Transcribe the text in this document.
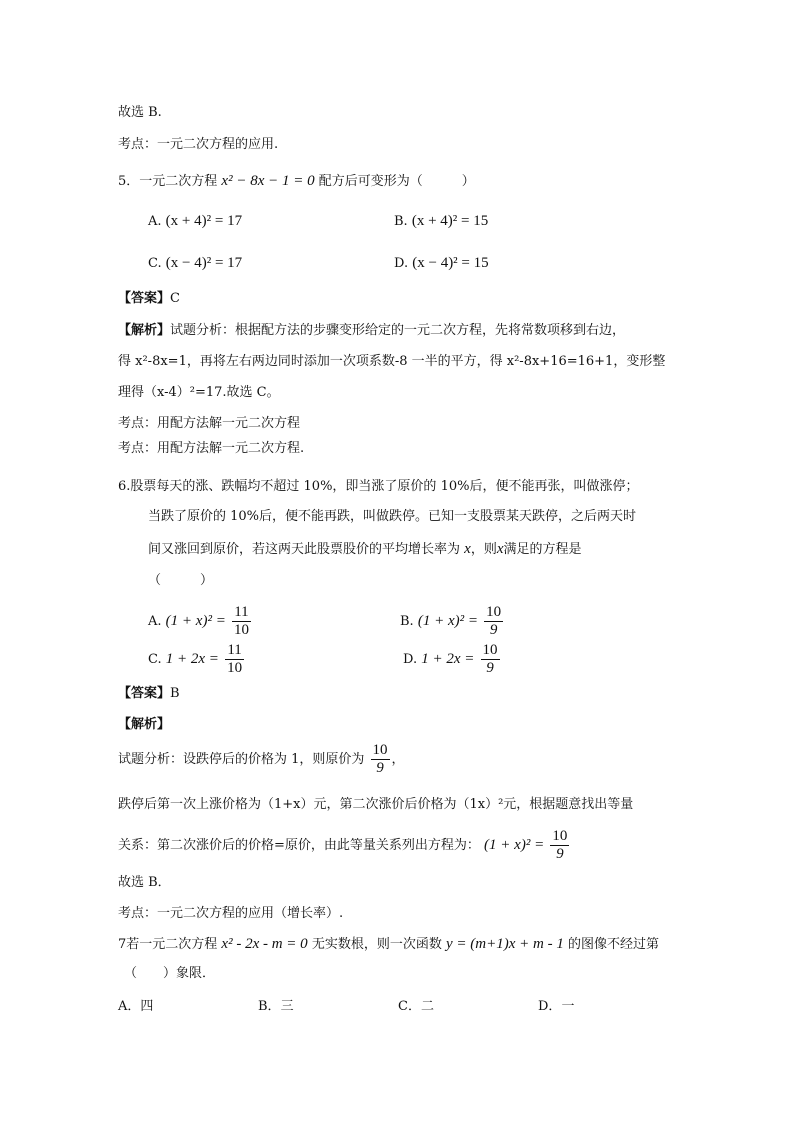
故选 B.
考点：一元二次方程的应用.
5．一元二次方程 x² − 8x − 1 = 0 配方后可变形为（　　　）
A. (x + 4)² = 17	B. (x + 4)² = 15
C. (x − 4)² = 17	D. (x − 4)² = 15
【答案】C
【解析】试题分析：根据配方法的步骤变形给定的一元二次方程，先将常数项移到右边，
得 x²-8x=1，再将左右两边同时添加一次项系数-8 一半的平方，得 x²-8x+16=16+1，变形整
理得（x-4）²=17.故选 C。
考点：用配方法解一元二次方程
考点：用配方法解一元二次方程.
6.股票每天的涨、跌幅均不超过 10%，即当涨了原价的 10%后，便不能再张，叫做涨停；
当跌了原价的 10%后，便不能再跌，叫做跌停。已知一支股票某天跌停，之后两天时
间又涨回到原价，若这两天此股票股价的平均增长率为 x，则x满足的方程是
（　　　）
A. $(1 + x)^2 = \frac{11}{10}$	B. $(1 + x)^2 = \frac{10}{9}$
C. $1 + 2x = \frac{11}{10}$	D. $1 + 2x = \frac{10}{9}$
【答案】B
【解析】
试题分析：设跌停后的价格为 1，则原价为 $\frac{10}{9}$ ，
跌停后第一次上涨价格为（1+x）元，第二次涨价后价格为（1x）²元，根据题意找出等量
关系：第二次涨价后的价格=原价，由此等量关系列出方程为： $(1 + x)^2 = \frac{10}{9}$
故选 B．
考点：一元二次方程的应用（增长率）.
7若一元二次方程 x² - 2x - m = 0 无实数根，则一次函数 y = (m+1)x + m - 1 的图像不经过第
（　　）象限．
A．四	B．三	C．二	D．一
